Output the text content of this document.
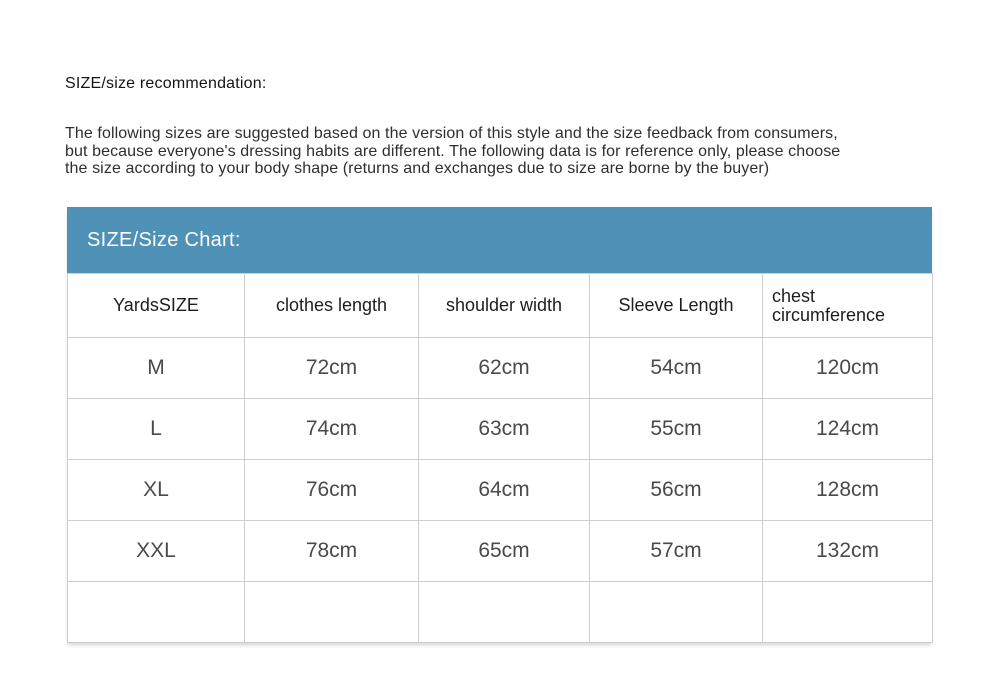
SIZE/size recommendation:
The following sizes are suggested based on the version of this style and the size feedback from consumers,
but because everyone's dressing habits are different. The following data is for reference only, please choose
the size according to your body shape (returns and exchanges due to size are borne by the buyer)
SIZE/Size Chart:
YardsSIZE	clothes length	shoulder width	Sleeve Length	chest circumference
M	72cm	62cm	54cm	120cm
L	74cm	63cm	55cm	124cm
XL	76cm	64cm	56cm	128cm
XXL	78cm	65cm	57cm	132cm
